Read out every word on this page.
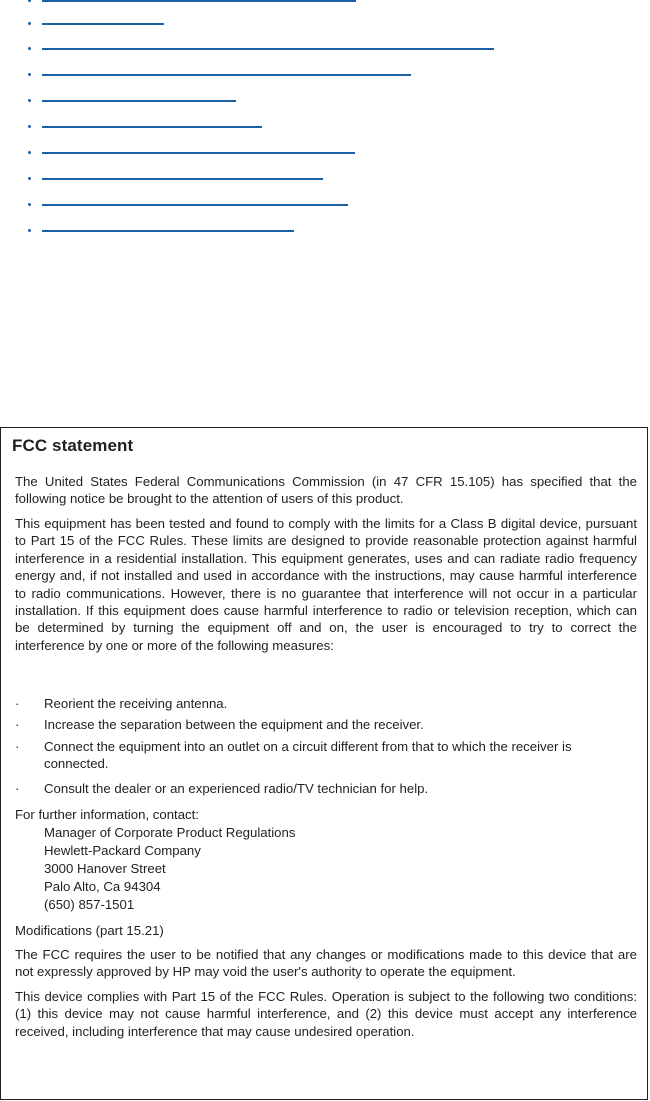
FCC statement
The United States Federal Communications Commission (in 47 CFR 15.105) has specified that the following notice be brought to the attention of users of this product.
This equipment has been tested and found to comply with the limits for a Class B digital device, pursuant to Part 15 of the FCC Rules. These limits are designed to provide reasonable protection against harmful interference in a residential installation. This equipment generates, uses and can radiate radio frequency energy and, if not installed and used in accordance with the instructions, may cause harmful interference to radio communications. However, there is no guarantee that interference will not occur in a particular installation. If this equipment does cause harmful interference to radio or television reception, which can be determined by turning the equipment off and on, the user is encouraged to try to correct the interference by one or more of the following measures:
· Reorient the receiving antenna.
· Increase the separation between the equipment and the receiver.
· Connect the equipment into an outlet on a circuit different from that to which the receiver is connected.
· Consult the dealer or an experienced radio/TV technician for help.
For further information, contact:
Manager of Corporate Product Regulations
Hewlett-Packard Company
3000 Hanover Street
Palo Alto, Ca 94304
(650) 857-1501
Modifications (part 15.21)
The FCC requires the user to be notified that any changes or modifications made to this device that are not expressly approved by HP may void the user's authority to operate the equipment.
This device complies with Part 15 of the FCC Rules. Operation is subject to the following two conditions: (1) this device may not cause harmful interference, and (2) this device must accept any interference received, including interference that may cause undesired operation.
